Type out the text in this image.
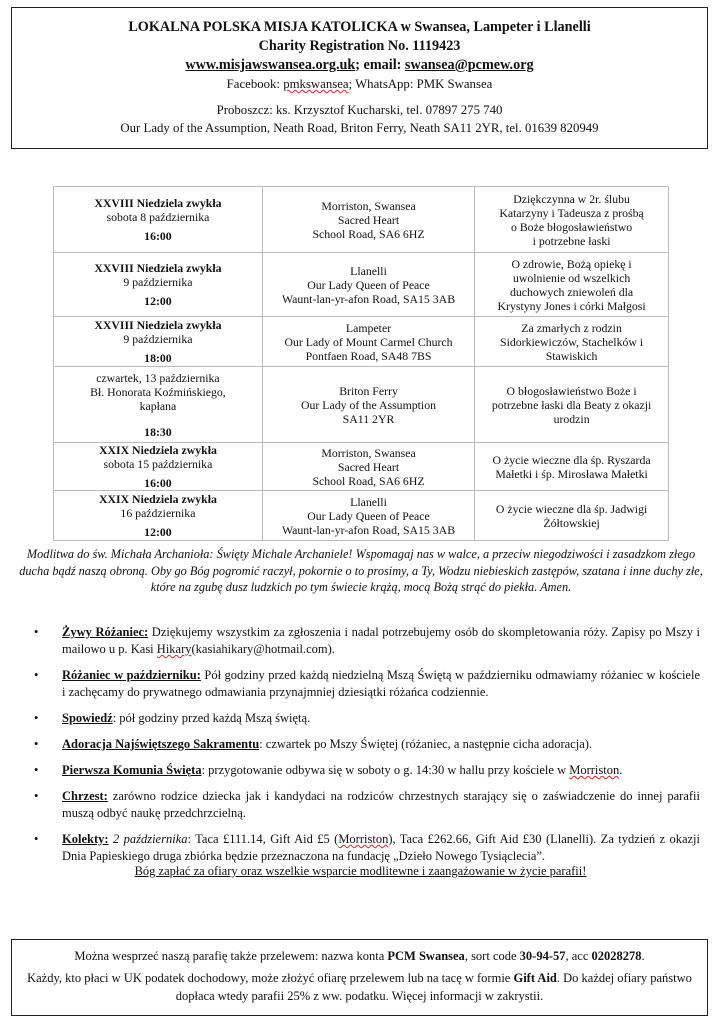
LOKALNA POLSKA MISJA KATOLICKA w Swansea, Lampeter i Llanelli
Charity Registration No. 1119423
www.misjawswansea.org.uk; email: swansea@pcmew.org
Facebook: pmkswansea; WhatsApp: PMK Swansea
Proboszcz: ks. Krzysztof Kucharski, tel. 07897 275 740
Our Lady of the Assumption, Neath Road, Briton Ferry, Neath SA11 2YR, tel. 01639 820949
XXVIII Niedziela zwykła
sobota 8 października
16:00	Morriston, Swansea
Sacred Heart
School Road, SA6 6HZ	Dziękczynna w 2r. ślubu
Katarzyny i Tadeusza z prośbą
o Boże błogosławieństwo
i potrzebne łaski
XXVIII Niedziela zwykła
9 października
12:00	Llanelli
Our Lady Queen of Peace
Waunt-lan-yr-afon Road, SA15 3AB	O zdrowie, Bożą opiekę i
uwolnienie od wszelkich
duchowych zniewoleń dla
Krystyny Jones i córki Małgosi
XXVIII Niedziela zwykła
9 października
18:00	Lampeter
Our Lady of Mount Carmel Church
Pontfaen Road, SA48 7BS	Za zmarłych z rodzin
Sidorkiewiczów, Stachelków i
Stawiskich
czwartek, 13 października
Bł. Honorata Koźmińskiego,
kapłana
18:30	Briton Ferry
Our Lady of the Assumption
SA11 2YR	O błogosławieństwo Boże i
potrzebne łaski dla Beaty z okazji
urodzin
XXIX Niedziela zwykła
sobota 15 października
16:00	Morriston, Swansea
Sacred Heart
School Road, SA6 6HZ	O życie wieczne dla śp. Ryszarda
Małetki i śp. Mirosława Małetki
XXIX Niedziela zwykła
16 października
12:00	Llanelli
Our Lady Queen of Peace
Waunt-lan-yr-afon Road, SA15 3AB	O życie wieczne dla śp. Jadwigi
Żółtowskiej
Modlitwa do św. Michała Archanioła: Święty Michale Archanielе! Wspomagaj nas w walce, a przeciw niegodziwości i zasadzkom złego ducha bądź naszą obroną. Oby go Bóg pogromić raczył, pokornie o to prosimy, a Ty, Wodzu niebieskich zastępów, szatana i inne duchy złe, które na zgubę dusz ludzkich po tym świecie krążą, mocą Bożą strąć do piekła. Amen.
• Żywy Różaniec: Dziękujemy wszystkim za zgłoszenia i nadal potrzebujemy osób do skompletowania róży. Zapisy po Mszy i mailowo u p. Kasi Hikary(kasiahikary@hotmail.com).
• Różaniec w październiku: Pół godziny przed każdą niedzielną Mszą Świętą w październiku odmawiamy różaniec w kościele i zachęcamy do prywatnego odmawiania przynajmniej dziesiątki różańca codziennie.
• Spowiedź: pół godziny przed każdą Mszą świętą.
• Adoracja Najświętszego Sakramentu: czwartek po Mszy Świętej (różaniec, a następnie cicha adoracja).
• Pierwsza Komunia Święta: przygotowanie odbywa się w soboty o g. 14:30 w hallu przy kościele w Morriston.
• Chrzest: zarówno rodzice dziecka jak i kandydaci na rodziców chrzestnych starający się o zaświadczenie do innej parafii muszą odbyć naukę przedchrzcielną.
• Kolekty: 2 października: Taca £111.14, Gift Aid £5 (Morriston), Taca £262.66, Gift Aid £30 (Llanelli). Za tydzień z okazji Dnia Papieskiego druga zbiórka będzie przeznaczona na fundację „Dzieło Nowego Tysiąclecia”.
Bóg zapłać za ofiary oraz wszelkie wsparcie modlitewne i zaangażowanie w życie parafii!

Można wesprzeć naszą parafię także przelewem: nazwa konta PCM Swansea, sort code 30-94-57, acc 02028278.

Każdy, kto płaci w UK podatek dochodowy, może złożyć ofiarę przelewem lub na tacę w formie Gift Aid. Do każdej ofiary państwo dopłaca wtedy parafii 25% z ww. podatku. Więcej informacji w zakrystii.
